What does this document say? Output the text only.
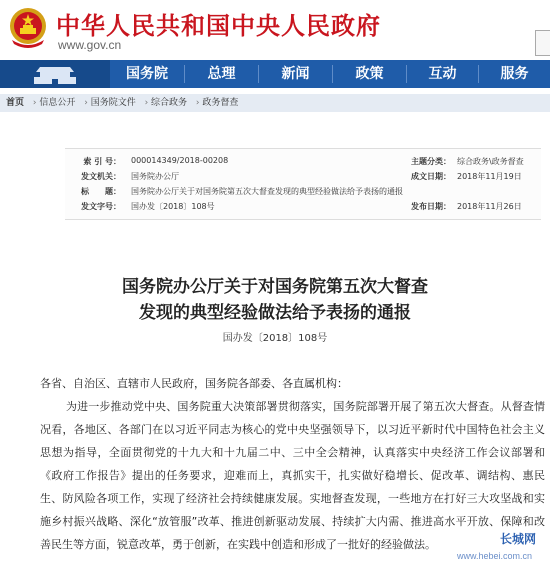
中华人民共和国中央人民政府
www.gov.cn
国务院	总理	新闻	政策	互动	服务
首页 › 信息公开 › 国务院文件 › 综合政务 › 政务督查
索 引 号： 000014349/2018-00208	主题分类： 综合政务\政务督查
发文机关： 国务院办公厅	成文日期： 2018年11月19日
标　　题： 国务院办公厅关于对国务院第五次大督查发现的典型经验做法给予表扬的通报
发文字号： 国办发〔2018〕108号	发布日期： 2018年11月26日
国务院办公厅关于对国务院第五次大督查
发现的典型经验做法给予表扬的通报
国办发〔2018〕108号
各省、自治区、直辖市人民政府，国务院各部委、各直属机构：
为进一步推动党中央、国务院重大决策部署贯彻落实，国务院部署开展了第五次大督查。从督查情况看，各地区、各部门在以习近平同志为核心的党中央坚强领导下，以习近平新时代中国特色社会主义思想为指导，全面贯彻党的十九大和十九届二中、三中全会精神，认真落实中央经济工作会议部署和《政府工作报告》提出的任务要求，迎难而上，真抓实干，扎实做好稳增长、促改革、调结构、惠民生、防风险各项工作，实现了经济社会持续健康发展。实地督查发现，一些地方在打好三大攻坚战和实施乡村振兴战略、深化“放管服”改革、推进创新驱动发展、持续扩大内需、推进高水平开放、保障和改善民生等方面，锐意改革，勇于创新，在实践中创造和形成了一批好的经验做法。	长城网
www.hebei.com.cn
